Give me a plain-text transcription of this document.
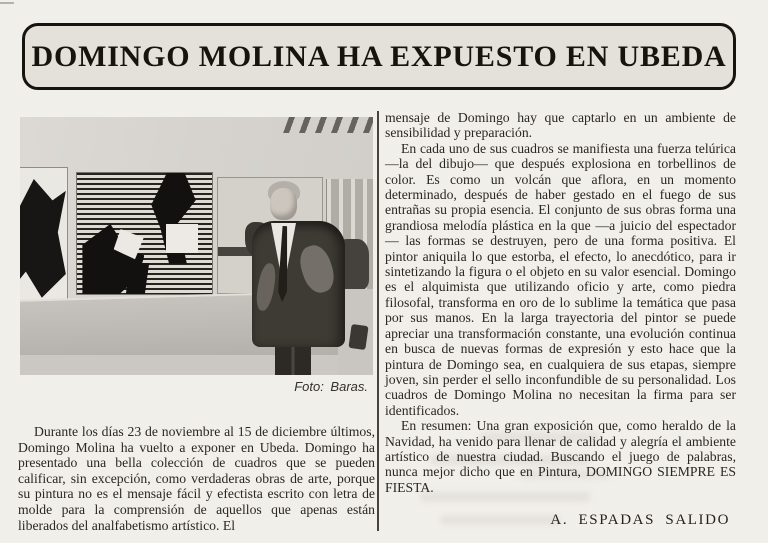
DOMINGO MOLINA HA EXPUESTO EN UBEDA
Foto: Baras.

Durante los días 23 de noviembre al 15 de diciembre últimos, Domingo Molina ha vuelto a exponer en Ubeda. Domingo ha presentado una bella colección de cuadros que se pueden calificar, sin excepción, como verdaderas obras de arte, porque su pintura no es el mensaje fácil y efectista escrito con letra de molde para la comprensión de aquellos que apenas están liberados del analfabetismo artístico. El

mensaje de Domingo hay que captarlo en un ambiente de sensibilidad y preparación.

En cada uno de sus cuadros se manifiesta una fuerza telúrica —la del dibujo— que después explosiona en torbellinos de color. Es como un volcán que aflora, en un momento determinado, después de haber gestado en el fuego de sus entrañas su propia esencia. El conjunto de sus obras forma una grandiosa melodía plástica en la que —a juicio del espectador— las formas se destruyen, pero de una forma positiva. El pintor aniquila lo que estorba, el efecto, lo anecdótico, para ir sintetizando la figura o el objeto en su valor esencial. Domingo es el alquimista que utilizando oficio y arte, como piedra filosofal, transforma en oro de lo sublime la temática que pasa por sus manos. En la larga trayectoria del pintor se puede apreciar una transformación constante, una evolución continua en busca de nuevas formas de expresión y esto hace que la pintura de Domingo sea, en cualquiera de sus etapas, siempre joven, sin perder el sello inconfundible de su personalidad. Los cuadros de Domingo Molina no necesitan la firma para ser identificados.

En resumen: Una gran exposición que, como heraldo de la Navidad, ha venido para llenar de calidad y alegría el ambiente artístico de nuestra ciudad. Buscando el juego de palabras, nunca mejor dicho que en Pintura, DOMINGO SIEMPRE ES FIESTA.

A. ESPADAS SALIDO
